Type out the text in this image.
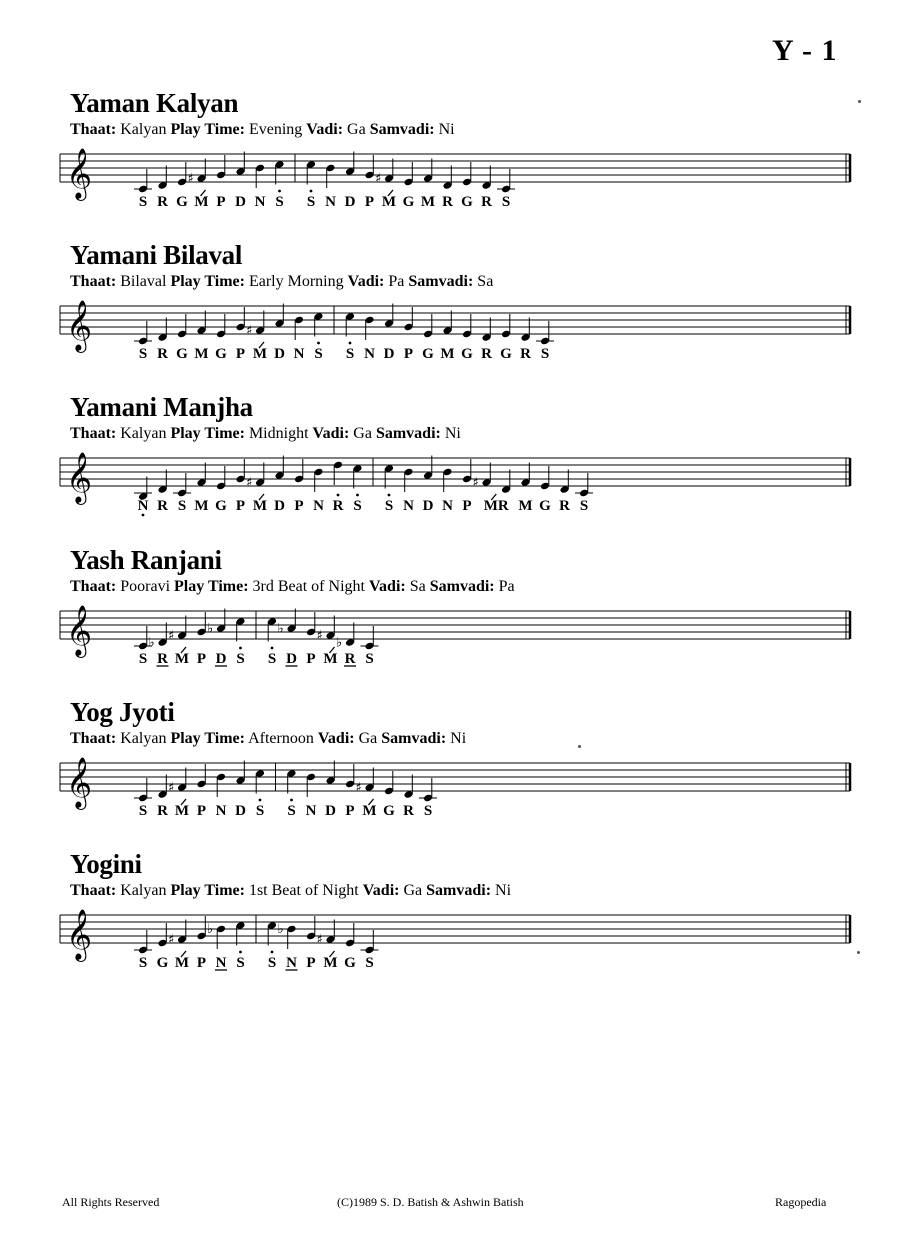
Y - 1
Yaman Kalyan
Thaat: Kalyan Play Time: Evening Vadi: Ga Samvadi: Ni
𝄞	♯	♯
S R G M P D N S S N D P M G M R G R S
Yamani Bilaval
Thaat: Bilaval Play Time: Early Morning Vadi: Pa Samvadi: Sa
𝄞	♯
S R G M G P M D N S S N D P G M G R G R S
Yamani Manjha
Thaat: Kalyan Play Time: Midnight Vadi: Ga Samvadi: Ni
𝄞	♯	♯
N R S M G P M D P N R S S N D N P MR M G R S
Yash Ranjani
Thaat: Pooravi Play Time: 3rd Beat of Night Vadi: Sa Samvadi: Pa
𝄞	♭ ♯	♭	♭	♯ ♭
S R M P D S S D P M R S
Yog Jyoti
Thaat: Kalyan Play Time: Afternoon Vadi: Ga Samvadi: Ni
𝄞	♯	♯
S R M P N D S S N D P M G R S
Yogini
Thaat: Kalyan Play Time: 1st Beat of Night Vadi: Ga Samvadi: Ni
𝄞	♯
♭	♭
♯
S G M P N S S N P M G S
All Rights Reserved	(C)1989 S. D. Batish & Ashwin Batish	Ragopedia
